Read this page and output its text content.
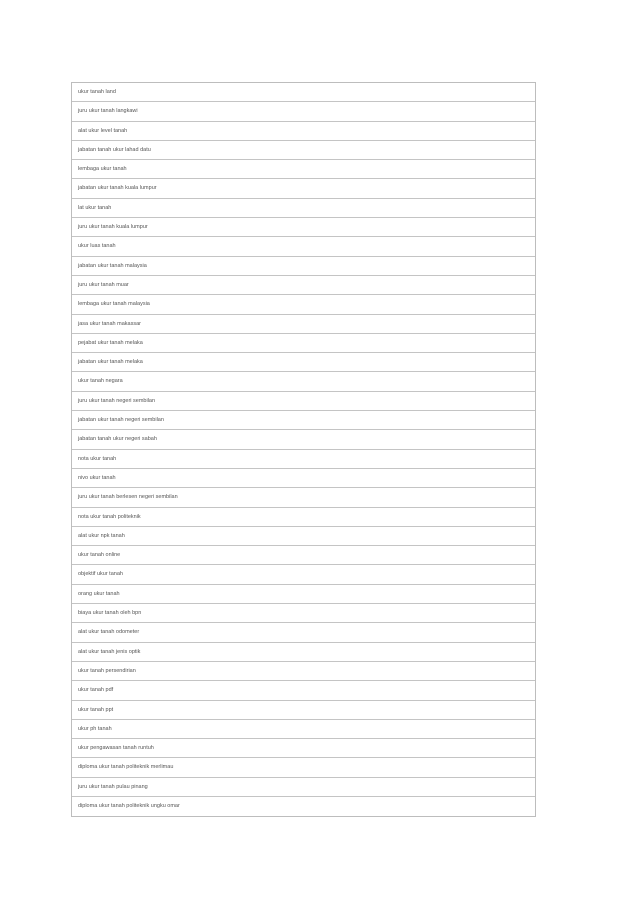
ukur tanah land
juru ukur tanah langkawi
alat ukur level tanah
jabatan tanah ukur lahad datu
lembaga ukur tanah
jabatan ukur tanah kuala lumpur
lat ukur tanah
juru ukur tanah kuala lumpur
ukur luas tanah
jabatan ukur tanah malaysia
juru ukur tanah muar
lembaga ukur tanah malaysia
jasa ukur tanah makassar
pejabat ukur tanah melaka
jabatan ukur tanah melaka
ukur tanah negara
juru ukur tanah negeri sembilan
jabatan ukur tanah negeri sembilan
jabatan tanah ukur negeri sabah
nota ukur tanah
nivo ukur tanah
juru ukur tanah berlesen negeri sembilan
nota ukur tanah politeknik
alat ukur npk tanah
ukur tanah online
objektif ukur tanah
orang ukur tanah
biaya ukur tanah oleh bpn
alat ukur tanah odometer
alat ukur tanah jenis optik
ukur tanah persendirian
ukur tanah pdf
ukur tanah ppt
ukur ph tanah
ukur pengawasan tanah runtuh
diploma ukur tanah politeknik merlimau
juru ukur tanah pulau pinang
diploma ukur tanah politeknik ungku omar
